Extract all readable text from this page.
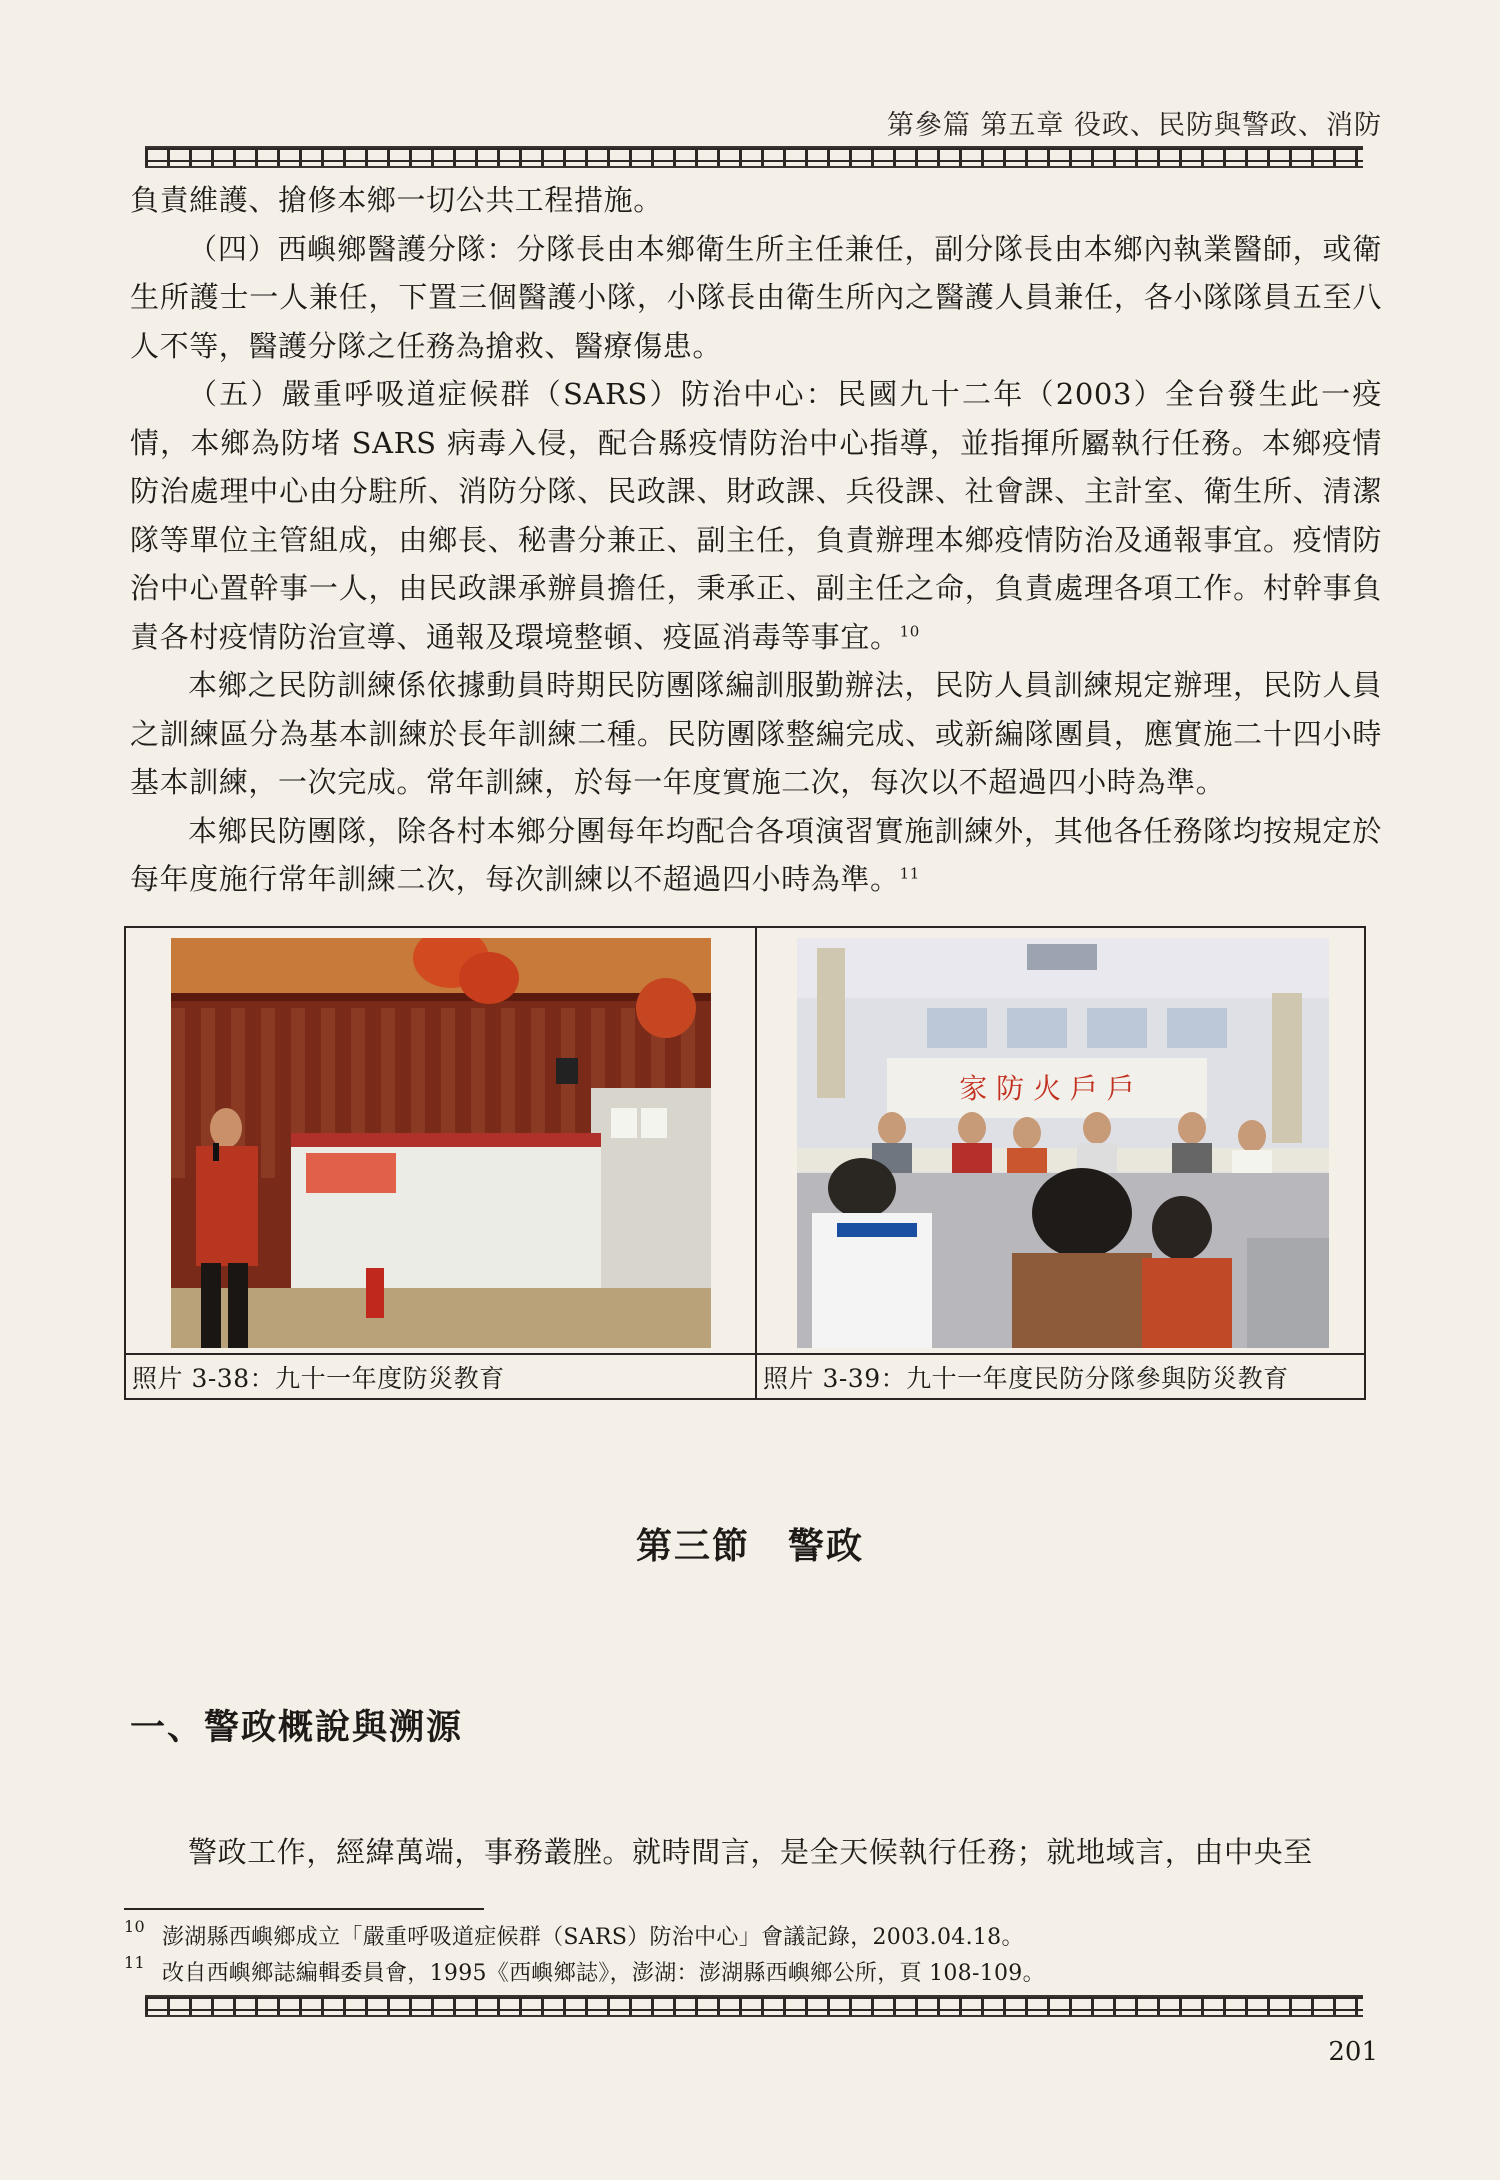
第參篇 第五章 役政、民防與警政、消防

負責維護、搶修本鄉一切公共工程措施。

（四）西嶼鄉醫護分隊：分隊長由本鄉衛生所主任兼任，副分隊長由本鄉內執業醫師，或衛生所護士一人兼任，下置三個醫護小隊，小隊長由衛生所內之醫護人員兼任，各小隊隊員五至八人不等，醫護分隊之任務為搶救、醫療傷患。

（五）嚴重呼吸道症候群（SARS）防治中心：民國九十二年（2003）全台發生此一疫情，本鄉為防堵 SARS 病毒入侵，配合縣疫情防治中心指導，並指揮所屬執行任務。本鄉疫情防治處理中心由分駐所、消防分隊、民政課、財政課、兵役課、社會課、主計室、衛生所、清潔隊等單位主管組成，由鄉長、秘書分兼正、副主任，負責辦理本鄉疫情防治及通報事宜。疫情防治中心置幹事一人，由民政課承辦員擔任，秉承正、副主任之命，負責處理各項工作。村幹事負責各村疫情防治宣導、通報及環境整頓、疫區消毒等事宜。$^{10}$

本鄉之民防訓練係依據動員時期民防團隊編訓服勤辦法，民防人員訓練規定辦理，民防人員之訓練區分為基本訓練於長年訓練二種。民防團隊整編完成、或新編隊團員，應實施二十四小時基本訓練，一次完成。常年訓練，於每一年度實施二次，每次以不超過四小時為準。

本鄉民防團隊，除各村本鄉分團每年均配合各項演習實施訓練外，其他各任務隊均按規定於每年度施行常年訓練二次，每次訓練以不超過四小時為準。$^{11}$

照片 3-38：九十一年度防災教育
家 防 火 戶 戶
照片 3-39：九十一年度民防分隊參與防災教育
第三節　警政
一、警政概說與溯源
警政工作，經緯萬端，事務叢脞。就時間言，是全天候執行任務；就地域言，由中央至
10 澎湖縣西嶼鄉成立「嚴重呼吸道症候群（SARS）防治中心」會議記錄，2003.04.18。
11 改自西嶼鄉誌編輯委員會，1995《西嶼鄉誌》，澎湖：澎湖縣西嶼鄉公所，頁 108-109。
201
